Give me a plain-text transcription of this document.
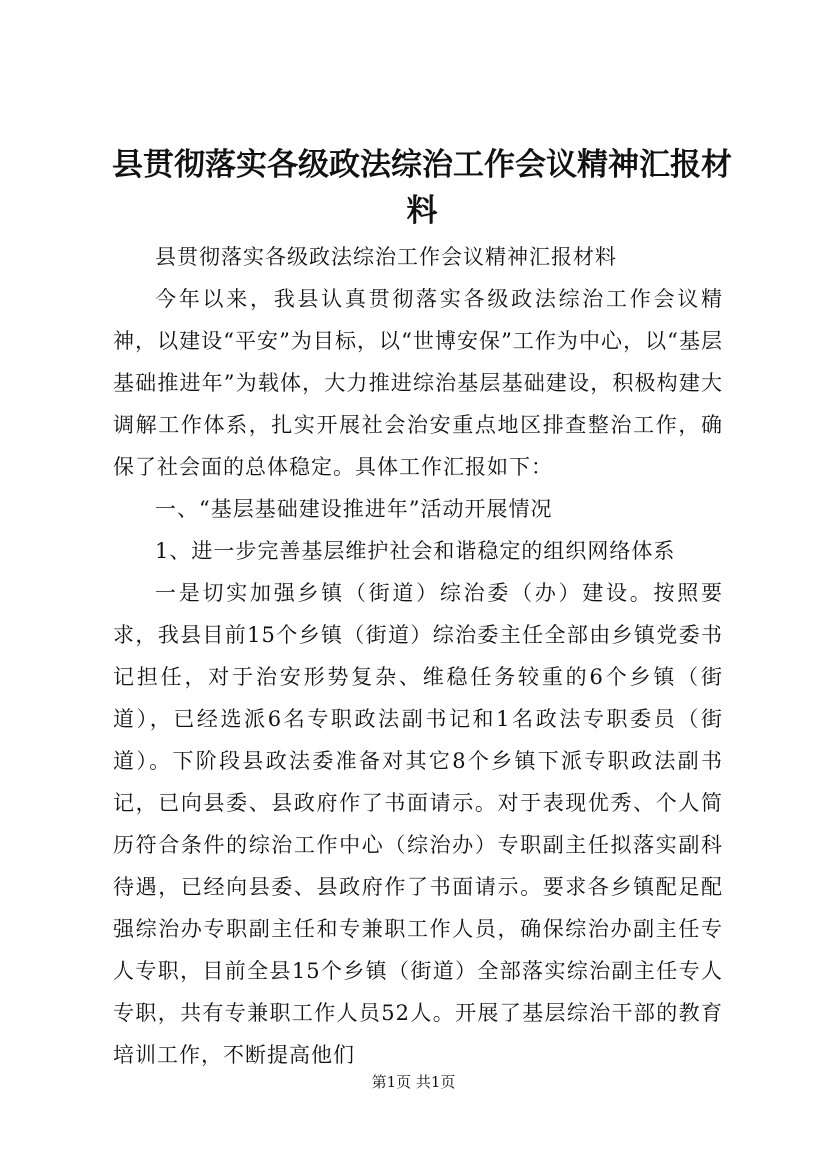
县贯彻落实各级政法综治工作会议精神汇报材料

县贯彻落实各级政法综治工作会议精神汇报材料

今年以来，我县认真贯彻落实各级政法综治工作会议精神，以建设“平安”为目标，以“世博安保”工作为中心，以“基层基础推进年”为载体，大力推进综治基层基础建设，积极构建大调解工作体系，扎实开展社会治安重点地区排查整治工作，确保了社会面的总体稳定。具体工作汇报如下：

一、“基层基础建设推进年”活动开展情况

1、进一步完善基层维护社会和谐稳定的组织网络体系

一是切实加强乡镇（街道）综治委（办）建设。按照要求，我县目前15个乡镇（街道）综治委主任全部由乡镇党委书记担任，对于治安形势复杂、维稳任务较重的6个乡镇（街道），已经选派6名专职政法副书记和1名政法专职委员（街道）。下阶段县政法委准备对其它8个乡镇下派专职政法副书记，已向县委、县政府作了书面请示。对于表现优秀、个人简历符合条件的综治工作中心（综治办）专职副主任拟落实副科待遇，已经向县委、县政府作了书面请示。要求各乡镇配足配强综治办专职副主任和专兼职工作人员，确保综治办副主任专人专职，目前全县15个乡镇（街道）全部落实综治副主任专人专职，共有专兼职工作人员52人。开展了基层综治干部的教育培训工作，不断提高他们

第1页 共1页
